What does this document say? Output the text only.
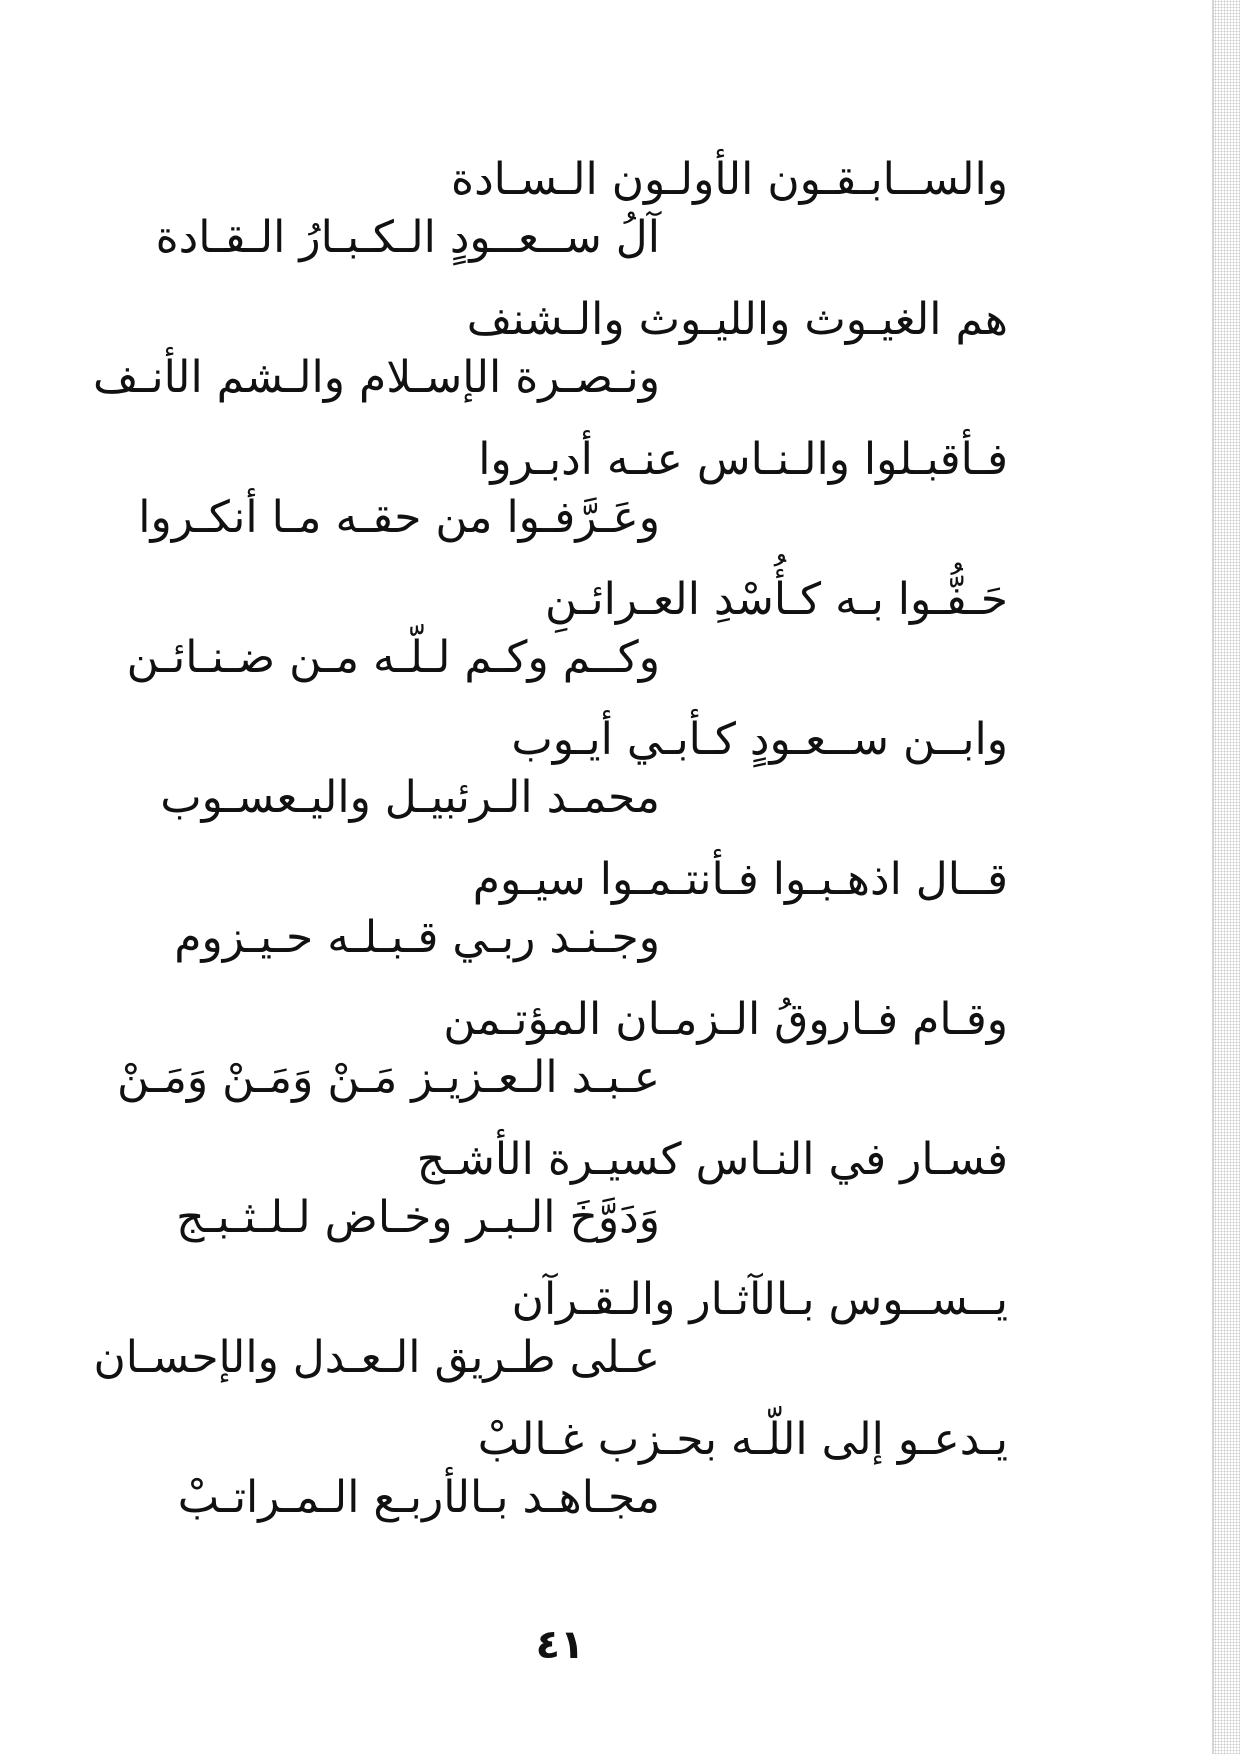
والســابـقـون الأولـون الـسـادة
آلُ ســعــودٍ الـكـبـارُ الـقـادة
هم الغيـوث والليـوث والـشنف
ونـصـرة الإسـلام والـشم الأنـف
فـأقبـلوا والـنـاس عنـه أدبـروا
وعَـرَّفـوا من حقـه مـا أنكـروا
حَـفُّـوا بـه كـأُسْدِ العـرائـنِ
وكــم وكـم لـلّـه مـن ضـنـائـن
وابــن ســعـودٍ كـأبـي أيـوب
محمـد الـرئبيـل واليـعسـوب
قــال اذهـبـوا فـأنتـمـوا سيـوم
وجـنـد ربـي قـبـلـه حـيـزوم
وقـام فـاروقُ الـزمـان المؤتـمن
عـبـد الـعـزيـز مَـنْ وَمَـنْ وَمَـنْ
فسـار في النـاس كسيـرة الأشـج
وَدَوَّخَ الـبـر وخـاض لـلـثـبـج
يــســوس بـالآثـار والـقـرآن
عـلى طـريق الـعـدل والإحسـان
يـدعـو إلى اللّـه بحـزب غـالبْ
مجـاهـد بـالأربـع الـمـراتـبْ
٤١
